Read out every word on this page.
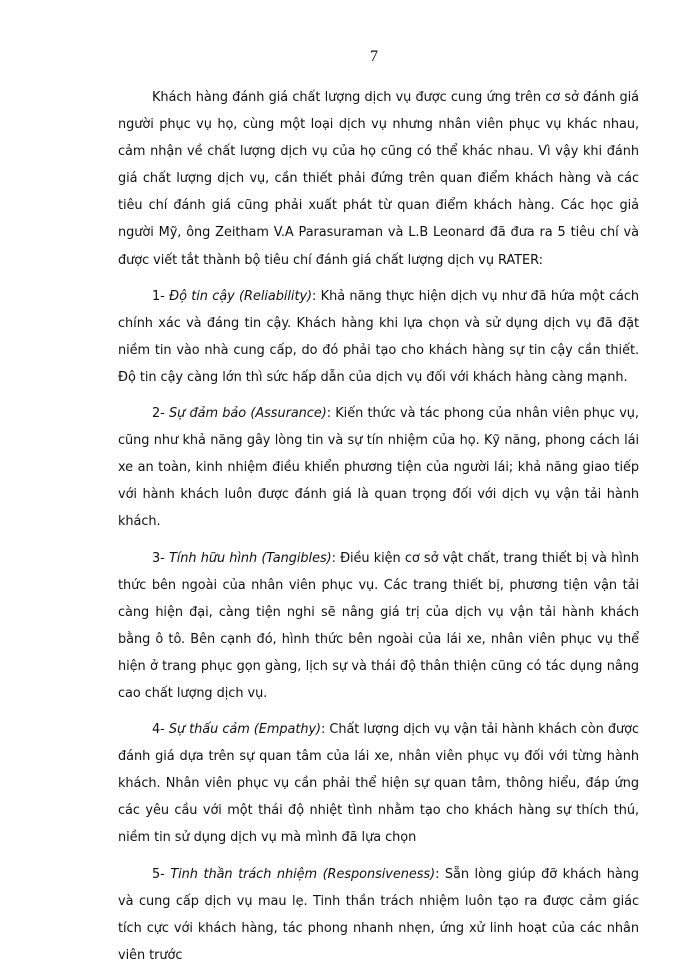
7

Khách hàng đánh giá chất lượng dịch vụ được cung ứng trên cơ sở đánh giá người phục vụ họ, cùng một loại dịch vụ nhưng nhân viên phục vụ khác nhau, cảm nhận về chất lượng dịch vụ của họ cũng có thể khác nhau. Vì vậy khi đánh giá chất lượng dịch vụ, cần thiết phải đứng trên quan điểm khách hàng và các tiêu chí đánh giá cũng phải xuất phát từ quan điểm khách hàng. Các học giả người Mỹ, ông Zeitham V.A Parasuraman và L.B Leonard đã đưa ra 5 tiêu chí và được viết tắt thành bộ tiêu chí đánh giá chất lượng dịch vụ RATER:

1- Độ tin cậy (Reliability): Khả năng thực hiện dịch vụ như đã hứa một cách chính xác và đáng tin cậy. Khách hàng khi lựa chọn và sử dụng dịch vụ đã đặt niềm tin vào nhà cung cấp, do đó phải tạo cho khách hàng sự tin cậy cần thiết. Độ tin cậy càng lớn thì sức hấp dẫn của dịch vụ đối với khách hàng càng mạnh.

2- Sự đảm bảo (Assurance): Kiến thức và tác phong của nhân viên phục vụ, cũng như khả năng gây lòng tin và sự tín nhiệm của họ. Kỹ năng, phong cách lái xe an toàn, kinh nhiệm điều khiển phương tiện của người lái; khả năng giao tiếp với hành khách luôn được đánh giá là quan trọng đối với dịch vụ vận tải hành khách.

3- Tính hữu hình (Tangibles): Điều kiện cơ sở vật chất, trang thiết bị và hình thức bên ngoài của nhân viên phục vụ. Các trang thiết bị, phương tiện vận tải càng hiện đại, càng tiện nghi sẽ nâng giá trị của dịch vụ vận tải hành khách bằng ô tô. Bên cạnh đó, hình thức bên ngoài của lái xe, nhân viên phục vụ thể hiện ở trang phục gọn gàng, lịch sự và thái độ thân thiện cũng có tác dụng nâng cao chất lượng dịch vụ.

4- Sự thấu cảm (Empathy): Chất lượng dịch vụ vận tải hành khách còn được đánh giá dựa trên sự quan tâm của lái xe, nhân viên phục vụ đối với từng hành khách. Nhân viên phục vụ cần phải thể hiện sự quan tâm, thông hiểu, đáp ứng các yêu cầu với một thái độ nhiệt tình nhằm tạo cho khách hàng sự thích thú, niềm tin sử dụng dịch vụ mà mình đã lựa chọn

5- Tinh thần trách nhiệm (Responsiveness): Sẵn lòng giúp đỡ khách hàng và cung cấp dịch vụ mau lẹ. Tinh thần trách nhiệm luôn tạo ra được cảm giác tích cực với khách hàng, tác phong nhanh nhẹn, ứng xử linh hoạt của các nhân viên trước
